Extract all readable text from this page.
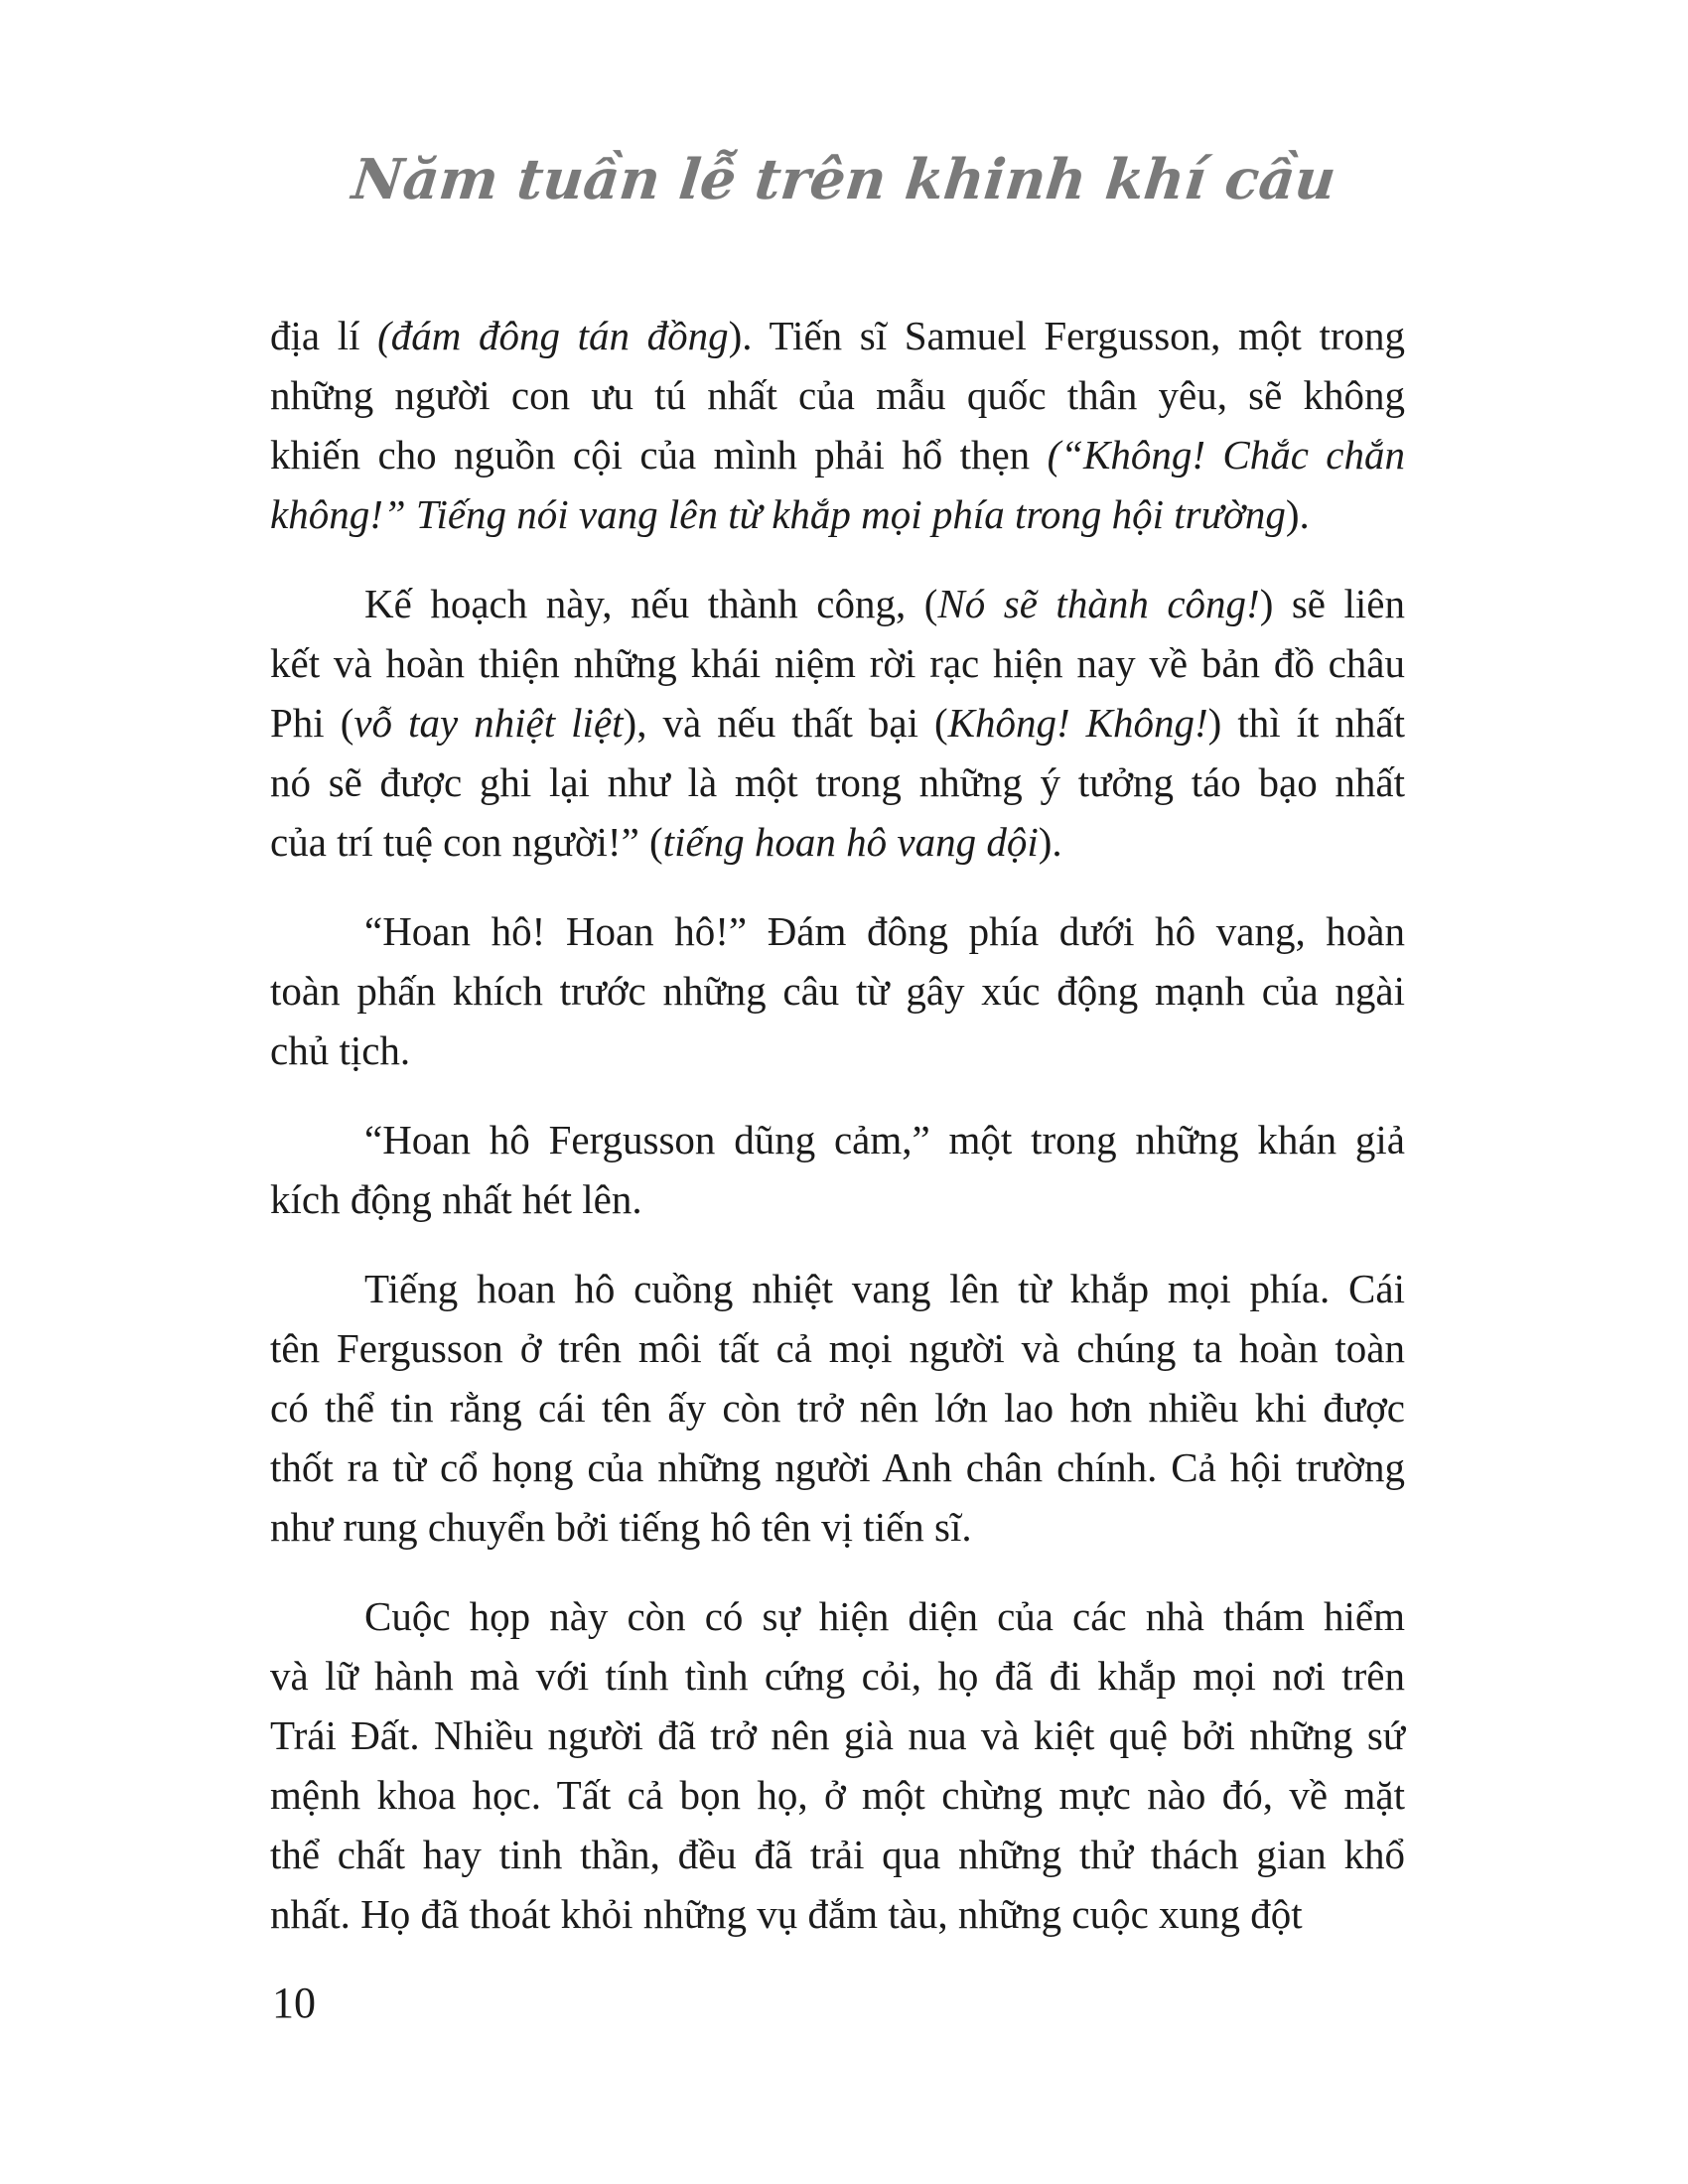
Năm tuần lễ trên khinh khí cầu
địa lí (đám đông tán đồng). Tiến sĩ Samuel Fergusson, một trong
những người con ưu tú nhất của mẫu quốc thân yêu, sẽ không
khiến cho nguồn cội của mình phải hổ thẹn (“Không! Chắc chắn
không!” Tiếng nói vang lên từ khắp mọi phía trong hội trường).
Kế hoạch này, nếu thành công, (Nó sẽ thành công!) sẽ liên
kết và hoàn thiện những khái niệm rời rạc hiện nay về bản đồ châu
Phi (vỗ tay nhiệt liệt), và nếu thất bại (Không! Không!) thì ít nhất
nó sẽ được ghi lại như là một trong những ý tưởng táo bạo nhất
của trí tuệ con người!” (tiếng hoan hô vang dội).
“Hoan hô! Hoan hô!” Đám đông phía dưới hô vang, hoàn
toàn phấn khích trước những câu từ gây xúc động mạnh của ngài
chủ tịch.
“Hoan hô Fergusson dũng cảm,” một trong những khán giả
kích động nhất hét lên.
Tiếng hoan hô cuồng nhiệt vang lên từ khắp mọi phía. Cái
tên Fergusson ở trên môi tất cả mọi người và chúng ta hoàn toàn
có thể tin rằng cái tên ấy còn trở nên lớn lao hơn nhiều khi được
thốt ra từ cổ họng của những người Anh chân chính. Cả hội trường
như rung chuyển bởi tiếng hô tên vị tiến sĩ.
Cuộc họp này còn có sự hiện diện của các nhà thám hiểm
và lữ hành mà với tính tình cứng cỏi, họ đã đi khắp mọi nơi trên
Trái Đất. Nhiều người đã trở nên già nua và kiệt quệ bởi những sứ
mệnh khoa học. Tất cả bọn họ, ở một chừng mực nào đó, về mặt
thể chất hay tinh thần, đều đã trải qua những thử thách gian khổ
nhất. Họ đã thoát khỏi những vụ đắm tàu, những cuộc xung đột
10
